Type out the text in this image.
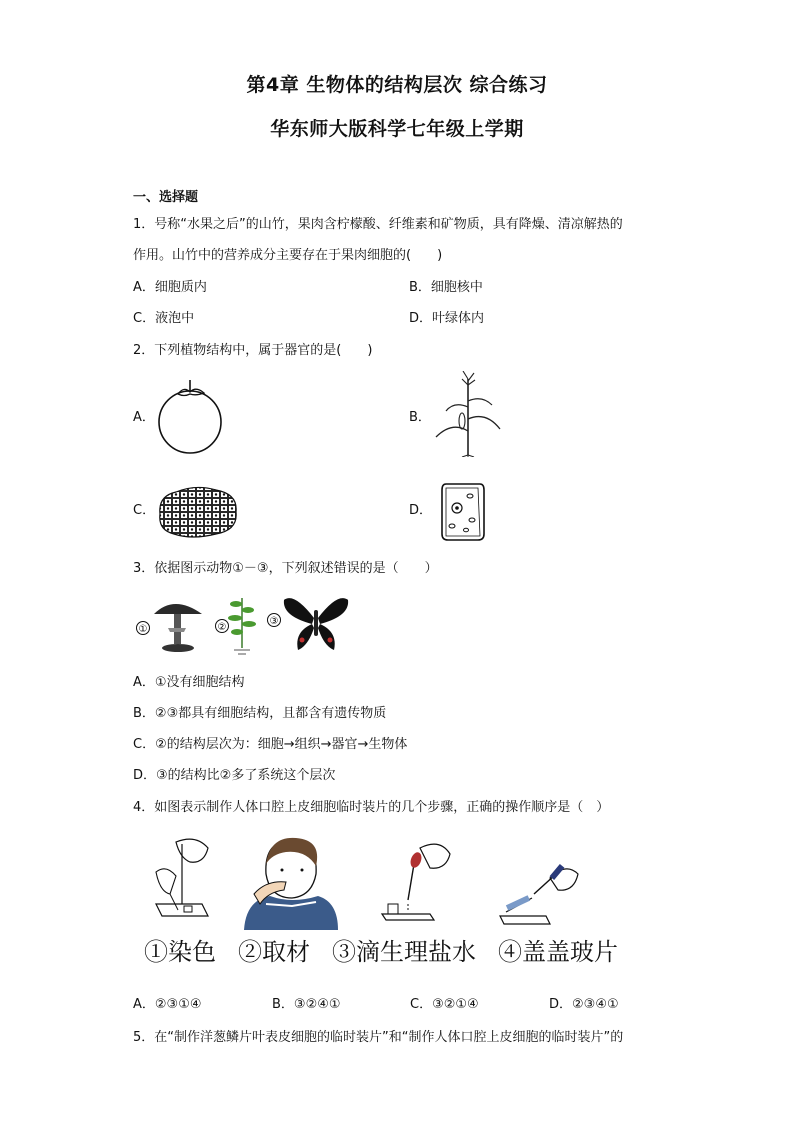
第4章 生物体的结构层次 综合练习
华东师大版科学七年级上学期
一、选择题
1．号称“水果之后”的山竹，果肉含柠檬酸、纤维素和矿物质，具有降燥、清凉解热的
作用。山竹中的营养成分主要存在于果肉细胞的(　　)
A．细胞质内	B．细胞核中
C．液泡中	D．叶绿体内
2．下列植物结构中，属于器官的是(　　)
A．	B．
C．	D．
3．依据图示动物①－③，下列叙述错误的是（　　）
①	②
③
A．①没有细胞结构
B．②③都具有细胞结构，且都含有遗传物质
C．②的结构层次为：细胞→组织→器官→生物体
D．③的结构比②多了系统这个层次
4．如图表示制作人体口腔上皮细胞临时装片的几个步骤，正确的操作顺序是（　）
①染色 ②取材 ③滴生理盐水 ④盖盖玻片
A．②③①④	B．③②④①	C．③②①④	D．②③④①
5．在“制作洋葱鳞片叶表皮细胞的临时装片”和“制作人体口腔上皮细胞的临时装片”的
